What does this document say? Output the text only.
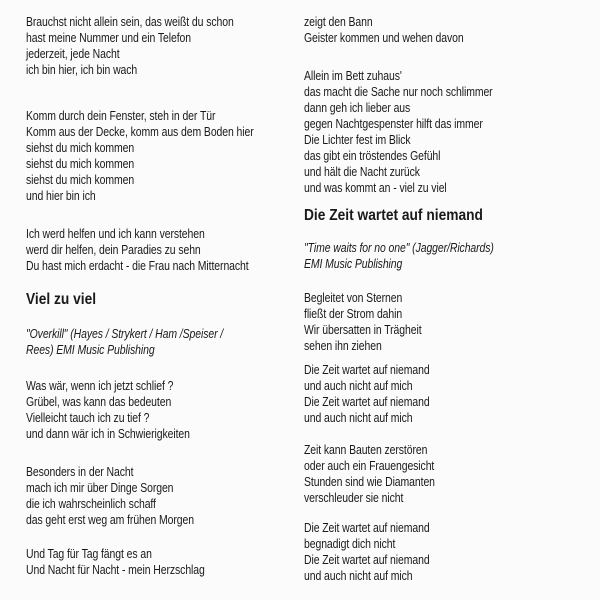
Brauchst nicht allein sein, das weißt du schon
hast meine Nummer und ein Telefon
jederzeit, jede Nacht
ich bin hier, ich bin wach
Komm durch dein Fenster, steh in der Tür
Komm aus der Decke, komm aus dem Boden hier
siehst du mich kommen
siehst du mich kommen
siehst du mich kommen
und hier bin ich
Ich werd helfen und ich kann verstehen
werd dir helfen, dein Paradies zu sehn
Du hast mich erdacht - die Frau nach Mitternacht
Viel zu viel
"Overkill" (Hayes / Strykert / Ham /Speiser /
Rees) EMI Music Publishing
Was wär, wenn ich jetzt schlief ?
Grübel, was kann das bedeuten
Vielleicht tauch ich zu tief ?
und dann wär ich in Schwierigkeiten
Besonders in der Nacht
mach ich mir über Dinge Sorgen
die ich wahrscheinlich schaff
das geht erst weg am frühen Morgen
Und Tag für Tag fängt es an
Und Nacht für Nacht - mein Herzschlag
zeigt den Bann
Geister kommen und wehen davon
Allein im Bett zuhaus'
das macht die Sache nur noch schlimmer
dann geh ich lieber aus
gegen Nachtgespenster hilft das immer
Die Lichter fest im Blick
das gibt ein tröstendes Gefühl
und hält die Nacht zurück
und was kommt an - viel zu viel
Die Zeit wartet auf niemand
"Time waits for no one" (Jagger/Richards)
EMI Music Publishing
Begleitet von Sternen
fließt der Strom dahin
Wir übersatten in Trägheit
sehen ihn ziehen
Die Zeit wartet auf niemand
und auch nicht auf mich
Die Zeit wartet auf niemand
und auch nicht auf mich
Zeit kann Bauten zerstören
oder auch ein Frauengesicht
Stunden sind wie Diamanten
verschleuder sie nicht
Die Zeit wartet auf niemand
begnadigt dich nicht
Die Zeit wartet auf niemand
und auch nicht auf mich
